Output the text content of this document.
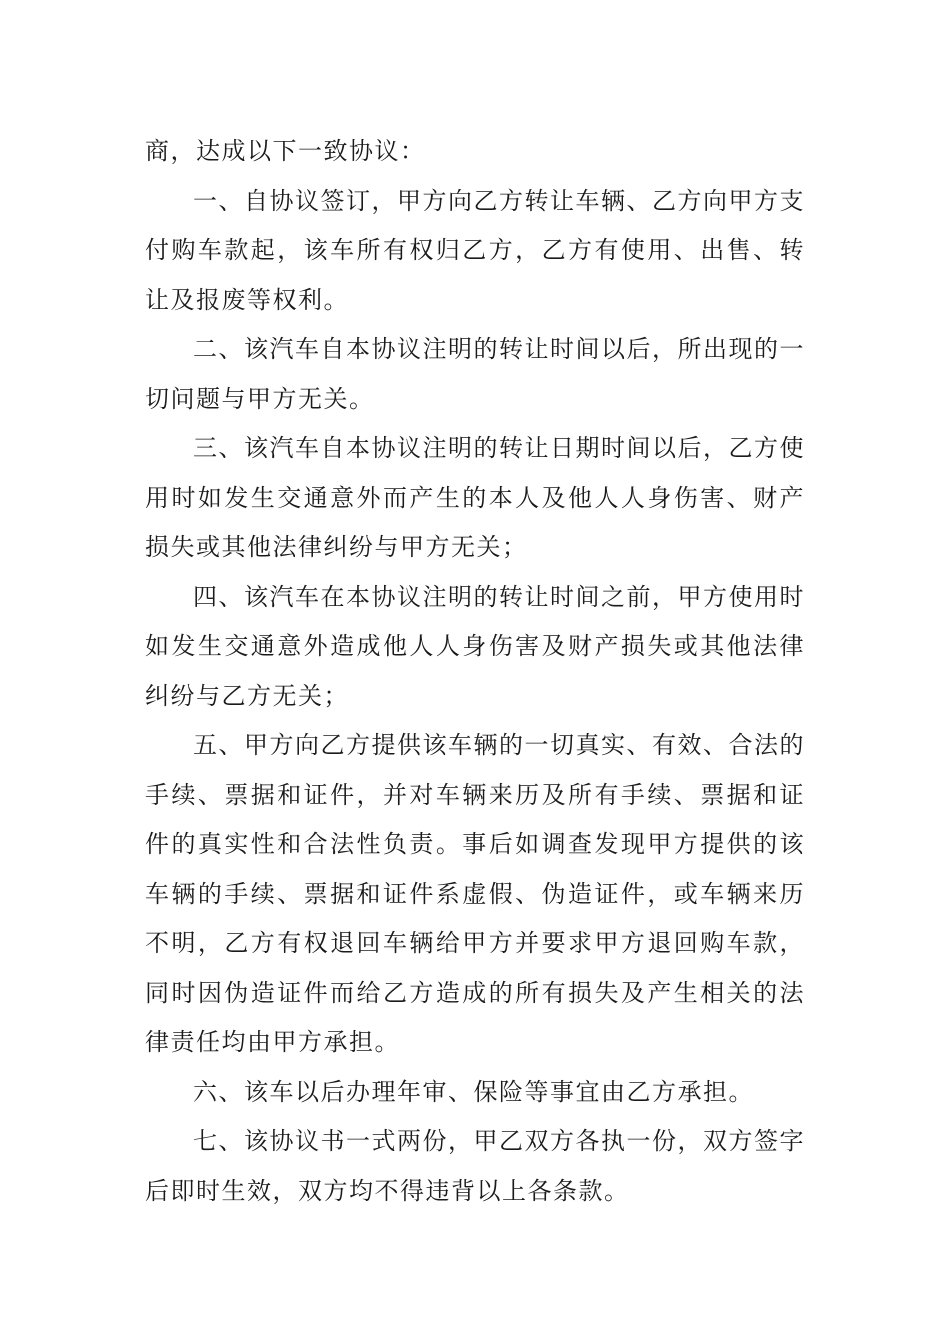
商，达成以下一致协议：
一 、 自 协 议 签 订 ， 甲 方 向 乙 方 转 让 车 辆 、 乙 方 向 甲 方 支
付 购 车 款 起 ， 该 车 所 有 权 归 乙 方 ， 乙 方 有 使 用 、 出 售 、 转
让及报废等权利。
二 、 该 汽 车 自 本 协 议 注 明 的 转 让 时 间 以 后 ， 所 出 现 的 一
切问题与甲方无关。
三 、 该 汽 车 自 本 协 议 注 明 的 转 让 日 期 时 间 以 后 ， 乙 方 使
用 时 如 发 生 交 通 意 外 而 产 生 的 本 人 及 他 人 人 身 伤 害 、 财 产
损失或其他法律纠纷与甲方无关；
四 、 该 汽 车 在 本 协 议 注 明 的 转 让 时 间 之 前 ， 甲 方 使 用 时
如 发 生 交 通 意 外 造 成 他 人 人 身 伤 害 及 财 产 损 失 或 其 他 法 律
纠纷与乙方无关；
五 、 甲 方 向 乙 方 提 供 该 车 辆 的 一 切 真 实 、 有 效 、 合 法 的
手 续 、 票 据 和 证 件 ， 并 对 车 辆 来 历 及 所 有 手 续 、 票 据 和 证
件 的 真 实 性 和 合 法 性 负 责 。 事 后 如 调 查 发 现 甲 方 提 供 的 该
车 辆 的 手 续 、 票 据 和 证 件 系 虚 假 、 伪 造 证 件 ， 或 车 辆 来 历
不 明 ， 乙 方 有 权 退 回 车 辆 给 甲 方 并 要 求 甲 方 退 回 购 车 款 ，
同 时 因 伪 造 证 件 而 给 乙 方 造 成 的 所 有 损 失 及 产 生 相 关 的 法
律责任均由甲方承担。
六、该车以后办理年审、保险等事宜由乙方承担。
七 、 该 协 议 书 一 式 两 份 ， 甲 乙 双 方 各 执 一 份 ， 双 方 签 字
后即时生效，双方均不得违背以上各条款。
